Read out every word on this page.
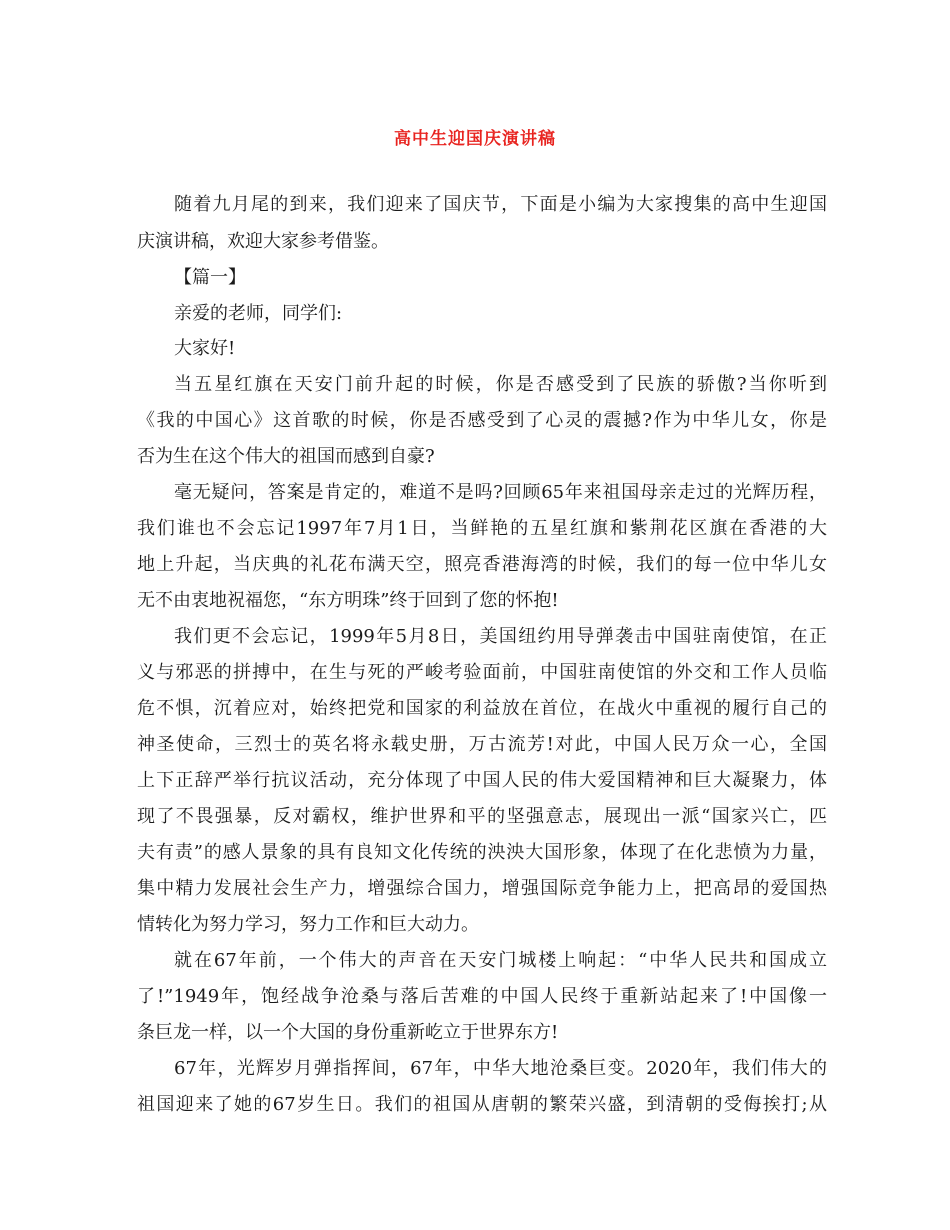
高中生迎国庆演讲稿
随着九月尾的到来，我们迎来了国庆节，下面是小编为大家搜集的高中生迎国
庆演讲稿，欢迎大家参考借鉴。
【篇一】
亲爱的老师，同学们:
大家好!
当五星红旗在天安门前升起的时候，你是否感受到了民族的骄傲?当你听到
《我的中国心》这首歌的时候，你是否感受到了心灵的震撼?作为中华儿女，你是
否为生在这个伟大的祖国而感到自豪?
毫无疑问，答案是肯定的，难道不是吗?回顾65年来祖国母亲走过的光辉历程，
我们谁也不会忘记1997年7月1日，当鲜艳的五星红旗和紫荆花区旗在香港的大
地上升起，当庆典的礼花布满天空，照亮香港海湾的时候，我们的每一位中华儿女
无不由衷地祝福您，“东方明珠”终于回到了您的怀抱!
我们更不会忘记，1999年5月8日，美国纽约用导弹袭击中国驻南使馆，在正
义与邪恶的拼搏中，在生与死的严峻考验面前，中国驻南使馆的外交和工作人员临
危不惧，沉着应对，始终把党和国家的利益放在首位，在战火中重视的履行自己的
神圣使命，三烈士的英名将永载史册，万古流芳!对此，中国人民万众一心，全国
上下正辞严举行抗议活动，充分体现了中国人民的伟大爱国精神和巨大凝聚力，体
现了不畏强暴，反对霸权，维护世界和平的坚强意志，展现出一派“国家兴亡，匹
夫有责”的感人景象的具有良知文化传统的泱泱大国形象，体现了在化悲愤为力量，
集中精力发展社会生产力，增强综合国力，增强国际竞争能力上，把高昂的爱国热
情转化为努力学习，努力工作和巨大动力。
就在67年前，一个伟大的声音在天安门城楼上响起：“中华人民共和国成立
了!”1949年，饱经战争沧桑与落后苦难的中国人民终于重新站起来了!中国像一
条巨龙一样，以一个大国的身份重新屹立于世界东方!
67年，光辉岁月弹指挥间，67年，中华大地沧桑巨变。2020年，我们伟大的
祖国迎来了她的67岁生日。我们的祖国从唐朝的繁荣兴盛，到清朝的受侮挨打;从
